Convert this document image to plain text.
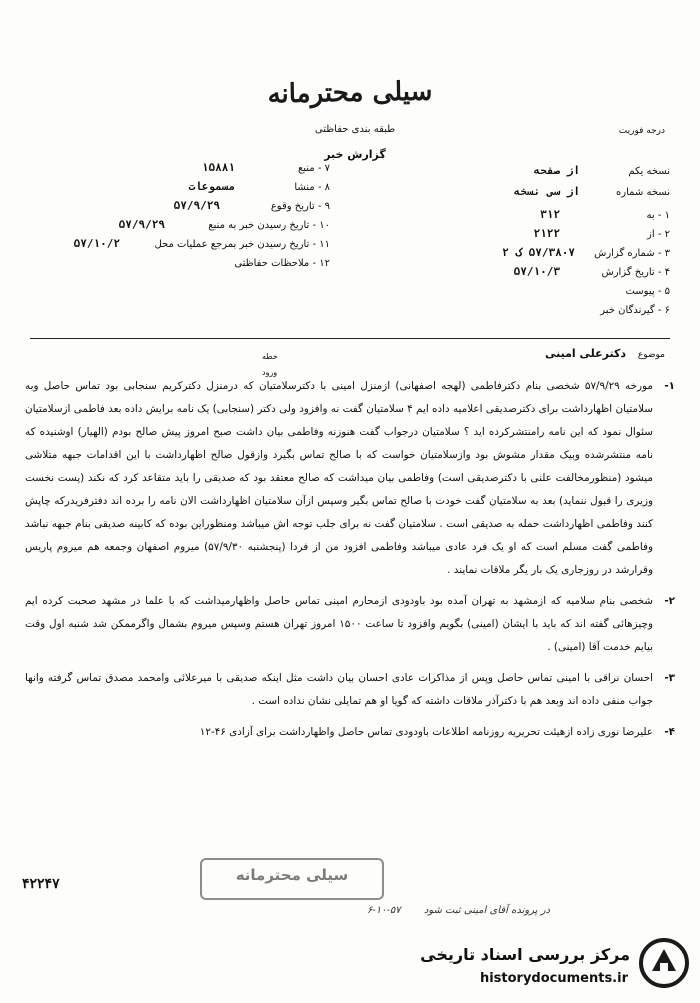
سیلی محترمانه
طبقه بندی حفاظتی
گزارش خبر
درجه فوریت
نسخه یکم
از صفحه
نسخه شماره
از سی نسخه
۱ - به
۳۱۲
۲ - از
۲۱۲۲
۳ - شماره گزارش
۵۷/۳۸۰۷ ک ۲
۴ - تاریخ گزارش
۵۷/۱۰/۳
۵ - پیوست
۶ - گیرندگان خبر
۷ - منبع
۱۵۸۸۱
۸ - منشا
مسموعات
۹ - تاریخ وقوع
۵۷/۹/۲۹
۱۰ - تاریخ رسیدن خبر به منبع
۵۷/۹/۲۹
۱۱ - تاریخ رسیدن خبر بمرجع عملیات محل
۵۷/۱۰/۲
۱۲ - ملاحظات حفاظتی
خطه
ورود
موضوع دکترعلی امینی
۱-
مورخه ۵۷/۹/۲۹ شخصی بنام دکترفاطمی (لهجه اصفهانی) ازمنزل امینی با دکترسلامتیان که درمنزل دکترکریم سنجابی بود تماس حاصل وبه سلامتیان اظهارداشت برای دکترصدیقی اعلامیه داده ایم ۴ سلامتیان گفت نه وافزود ولی دکتر (سنجابی) یک نامه برایش داده بعد فاطمی ازسلامتیان سئوال نمود که این نامه رامنتشرکرده اید ؟ سلامتیان درجواب گفت هنوزنه وفاطمی بیان داشت صبح امروز پیش صالح بودم (الهیار) اوشنیده که نامه منتشرشده وبیک مقدار مشوش بود وازسلامتیان خواست که با صالح تماس بگیرد وازقول صالح اظهارداشت با این اقدامات جبهه متلاشی میشود (منظورمخالفت علنی با دکترصدیقی است) وفاطمی بیان میداشت که صالح معتقد بود که صدیقی را باید متقاعد کرد که نکند (پست نخست وزیری را قبول ننماید) بعد به سلامتیان گفت خودت با صالح تماس بگیر وسپس ازآن سلامتیان اظهارداشت الان نامه را برده اند دفترفریدرکه چاپش کنند وفاطمی اظهارداشت حمله به صدیقی است . سلامتیان گفت نه برای جلب توجه اش میباشد ومنظوراین بوده که کابینه صدیقی بنام جبهه نباشد وفاطمی گفت مسلم است که او یک فرد عادی میباشد وفاطمی افزود من از فردا (پنجشنبه ۵۷/۹/۳۰) میروم اصفهان وجمعه هم میروم پاریس وقرارشد در روزجاری یک بار یگر ملاقات نمایند .
۲-
شخصی بنام سلامیه که ازمشهد به تهران آمده بود باودودی ازمحارم امینی تماس حاصل واظهارمیداشت که با علما در مشهد صحبت کرده ایم وچیزهائی گفته اند که باید با ایشان (امینی) بگویم وافزود تا ساعت ۱۵۰۰ امروز تهران هستم وسپس میروم بشمال واگرممکن شد شنبه اول وقت بیایم خدمت آقا (امینی) .
۳-
احسان نراقی با امینی تماس حاصل وپس از مذاکرات عادی احسان بیان داشت مثل اینکه صدیقی با میرعلائی وامحمد مصدق تماس گرفته وانها جواب منفی داده اند وبعد هم با دکترآذر ملاقات داشته که گویا او هم تمایلی نشان نداده است .
۴-
علیرضا نوری زاده ازهیئت تحریریه روزنامه اطلاعات باودودی تماس حاصل واظهارداشت برای آزادی ۴۶-۱۲
۴۲۲۴۷	سیلی محترمانه
در پرونده آقای امینی ثبت شود ۵۷-۱۰-۶
مرکز بررسی اسناد تاریخی
historydocuments.ir
